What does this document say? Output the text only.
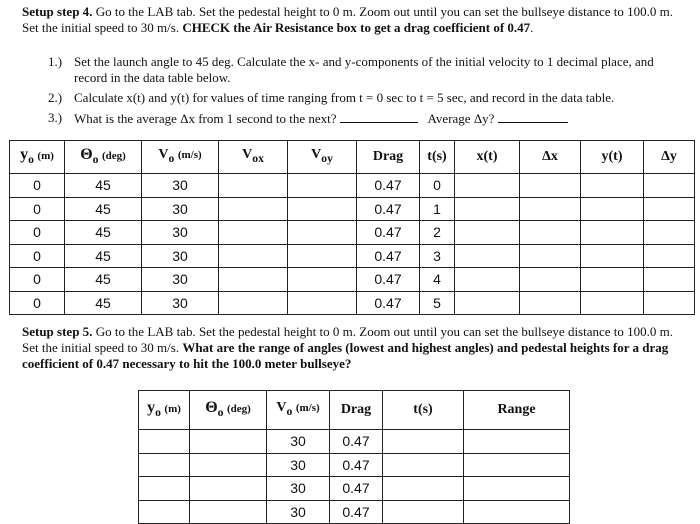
Setup step 4. Go to the LAB tab. Set the pedestal height to 0 m. Zoom out until you can set the bullseye distance to 100.0 m. Set the initial speed to 30 m/s. CHECK the Air Resistance box to get a drag coefficient of 0.47.
1.) Set the launch angle to 45 deg. Calculate the x- and y-components of the initial velocity to 1 decimal place, and record in the data table below.
2.) Calculate x(t) and y(t) for values of time ranging from t = 0 sec to t = 5 sec, and record in the data table.
3.) What is the average Δx from 1 second to the next?	Average Δy?
$y_o$ (m)	$\Theta_o$ (deg)	$V_o$ (m/s)	$V_{ox}$	$V_{oy}$	Drag	t(s)	x(t)	Δx	y(t)	Δy
0	45	30			0.47	0				
0	45	30			0.47	1				
0	45	30			0.47	2				
0	45	30			0.47	3				
0	45	30			0.47	4				
0	45	30			0.47	5				
Setup step 5. Go to the LAB tab. Set the pedestal height to 0 m. Zoom out until you can set the bullseye distance to 100.0 m. Set the initial speed to 30 m/s. What are the range of angles (lowest and highest angles) and pedestal heights for a drag coefficient of 0.47 necessary to hit the 100.0 meter bullseye?
$y_o$ (m)	$\Theta_o$ (deg)	$V_o$ (m/s)	Drag	t(s)	Range
		30	0.47		
		30	0.47		
		30	0.47		
		30	0.47		
